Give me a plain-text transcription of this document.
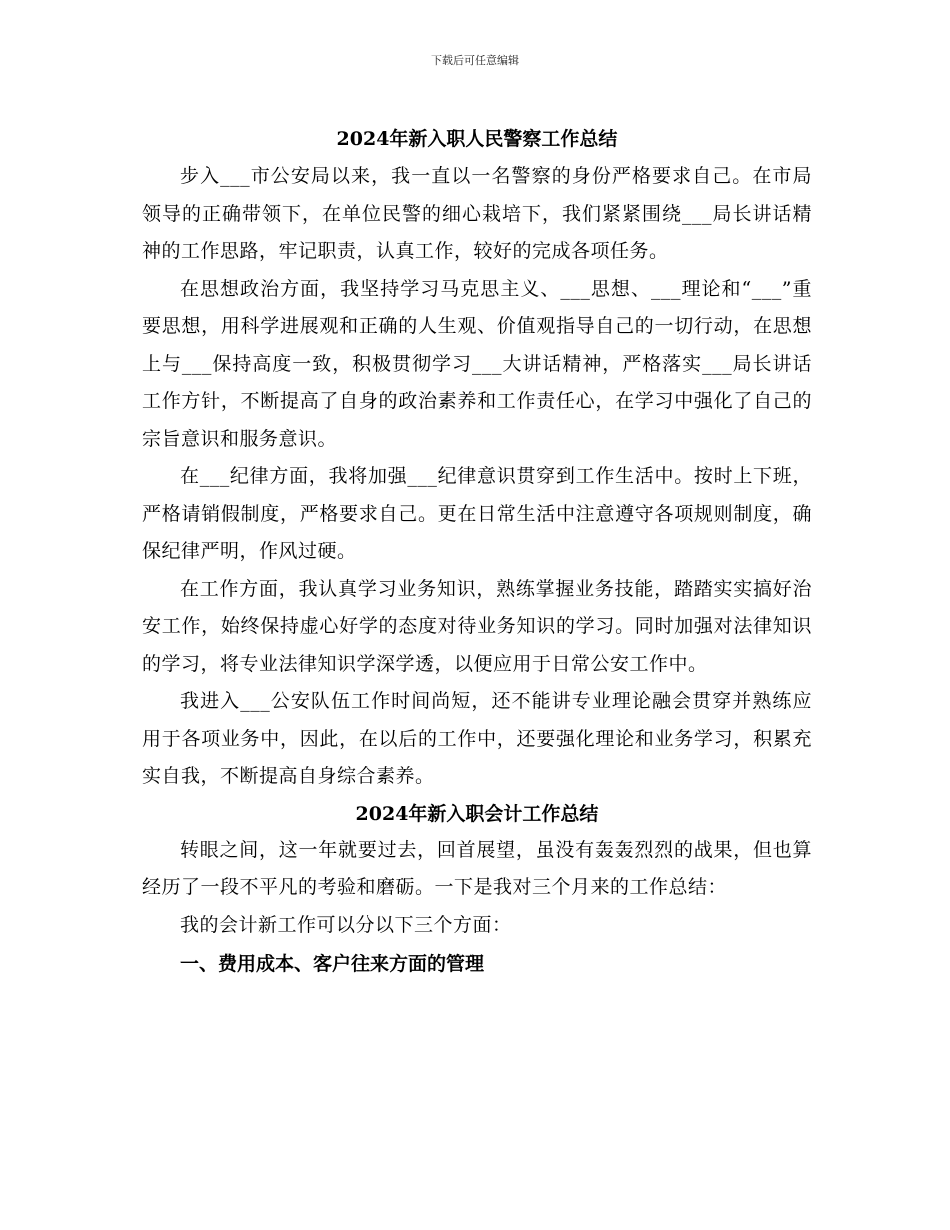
下载后可任意编辑
2024年新入职人民警察工作总结

步入___市公安局以来，我一直以一名警察的身份严格要求自己。在市局领导的正确带领下，在单位民警的细心栽培下，我们紧紧围绕___局长讲话精神的工作思路，牢记职责，认真工作，较好的完成各项任务。

在思想政治方面，我坚持学习马克思主义、___思想、___理论和“___”重要思想，用科学进展观和正确的人生观、价值观指导自己的一切行动，在思想上与___保持高度一致，积极贯彻学习___大讲话精神，严格落实___局长讲话工作方针，不断提高了自身的政治素养和工作责任心，在学习中强化了自己的宗旨意识和服务意识。

在___纪律方面，我将加强___纪律意识贯穿到工作生活中。按时上下班，严格请销假制度，严格要求自己。更在日常生活中注意遵守各项规则制度，确保纪律严明，作风过硬。

在工作方面，我认真学习业务知识，熟练掌握业务技能，踏踏实实搞好治安工作，始终保持虚心好学的态度对待业务知识的学习。同时加强对法律知识的学习，将专业法律知识学深学透，以便应用于日常公安工作中。

我进入___公安队伍工作时间尚短，还不能讲专业理论融会贯穿并熟练应用于各项业务中，因此，在以后的工作中，还要强化理论和业务学习，积累充实自我，不断提高自身综合素养。

2024年新入职会计工作总结

转眼之间，这一年就要过去，回首展望，虽没有轰轰烈烈的战果，但也算经历了一段不平凡的考验和磨砺。一下是我对三个月来的工作总结：

我的会计新工作可以分以下三个方面：

一、费用成本、客户往来方面的管理
